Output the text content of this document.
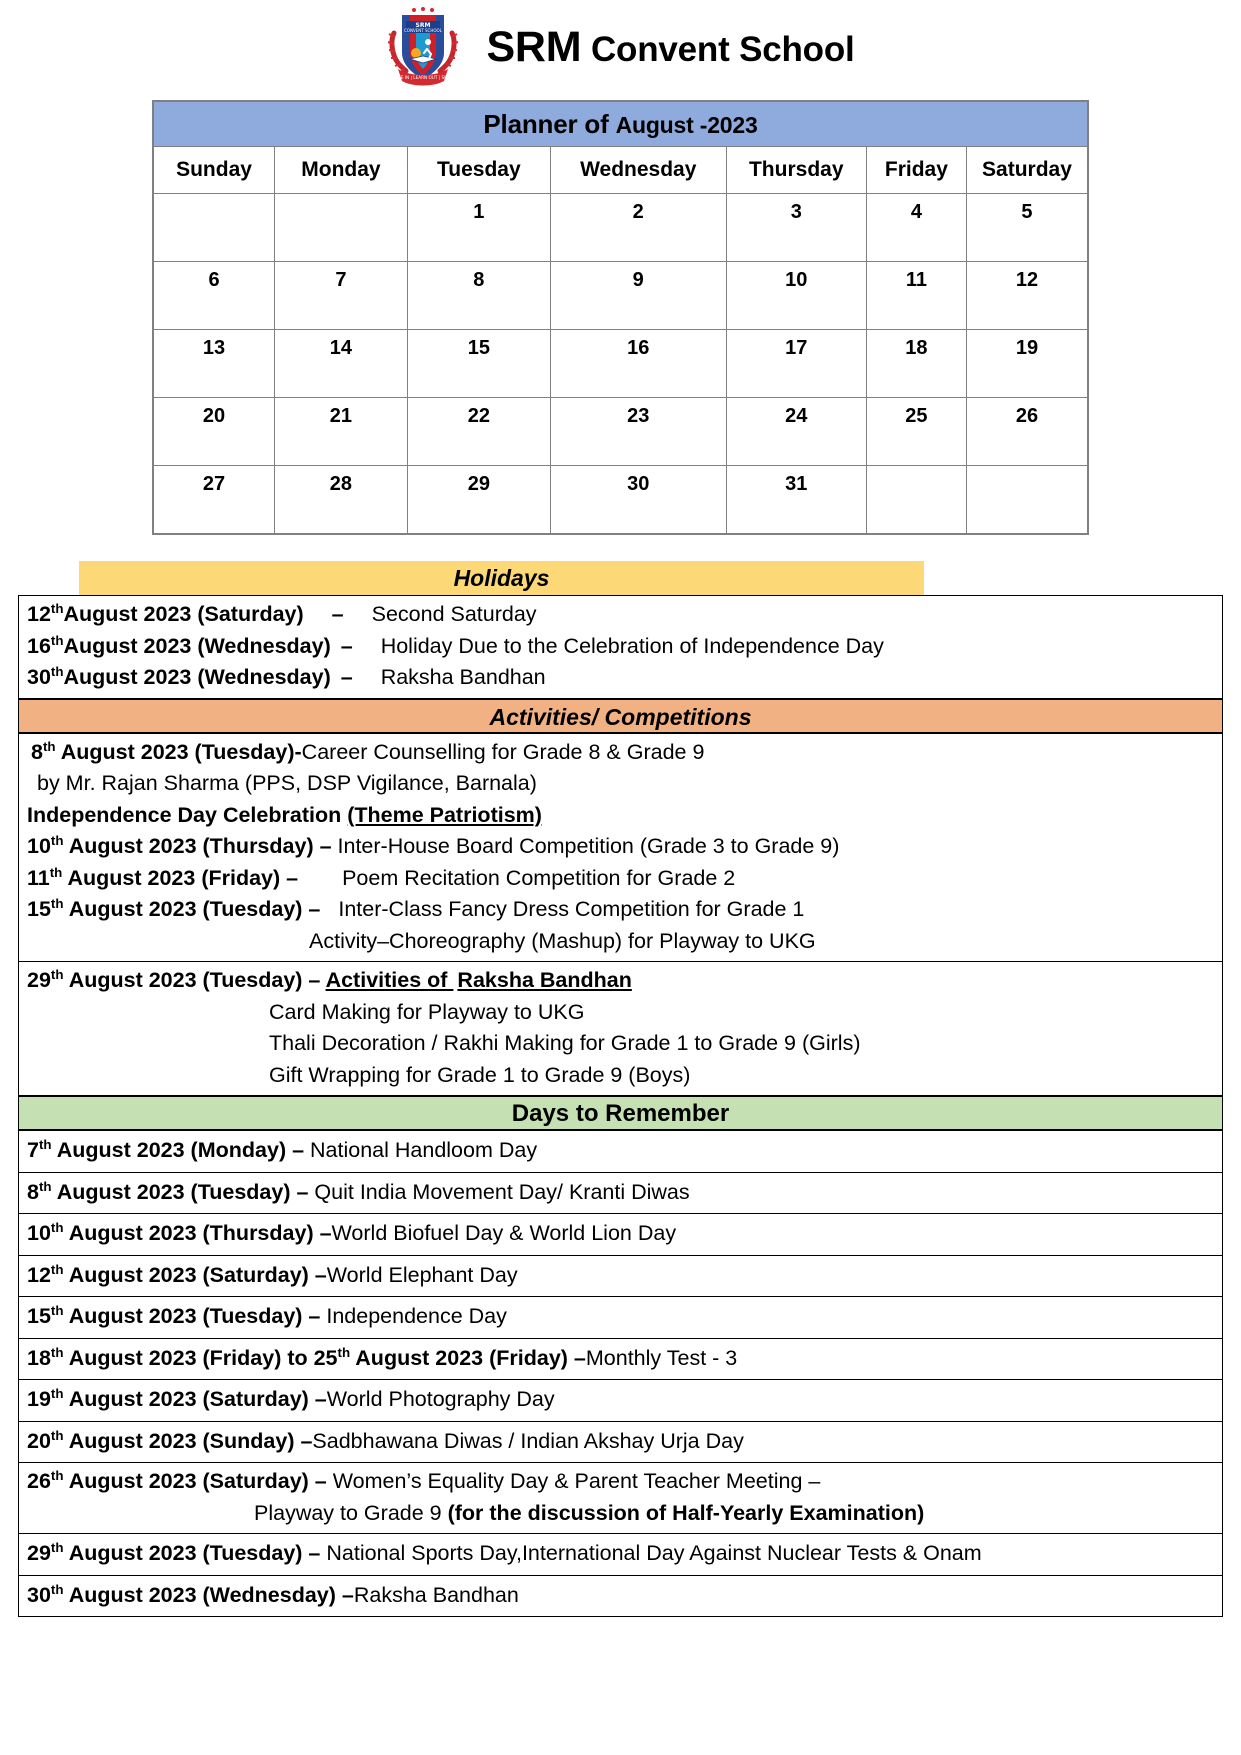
SRM
CONVENT SCHOOL
COME IN | LEARN OUT | SERVE
SRM Convent School
Planner of August -2023						
Sunday	Monday	Tuesday	Wednesday	Thursday	Friday	Saturday
		1	2	3	4	5
6	7	8	9	10	11	12
13	14	15	16	17	18	19
20	21	22	23	24	25	26
27	28	29	30	31		
Holidays
12thAugust 2023 (Saturday) – Second Saturday
16thAugust 2023 (Wednesday) – Holiday Due to the Celebration of Independence Day
30thAugust 2023 (Wednesday) – Raksha Bandhan
Activities/ Competitions
8th August 2023 (Tuesday)-Career Counselling for Grade 8 & Grade 9
by Mr. Rajan Sharma (PPS, DSP Vigilance, Barnala)
Independence Day Celebration (Theme Patriotism)
10th August 2023 (Thursday) – Inter-House Board Competition (Grade 3 to Grade 9)
11th August 2023 (Friday) – Poem Recitation Competition for Grade 2
15th August 2023 (Tuesday) – Inter-Class Fancy Dress Competition for Grade 1
Activity–Choreography (Mashup) for Playway to UKG
29th August 2023 (Tuesday) – Activities of Raksha Bandhan
Card Making for Playway to UKG
Thali Decoration / Rakhi Making for Grade 1 to Grade 9 (Girls)
Gift Wrapping for Grade 1 to Grade 9 (Boys)
Days to Remember
7th August 2023 (Monday) – National Handloom Day
8th August 2023 (Tuesday) – Quit India Movement Day/ Kranti Diwas
10th August 2023 (Thursday) –World Biofuel Day & World Lion Day
12th August 2023 (Saturday) –World Elephant Day
15th August 2023 (Tuesday) – Independence Day
18th August 2023 (Friday) to 25th August 2023 (Friday) –Monthly Test - 3
19th August 2023 (Saturday) –World Photography Day
20th August 2023 (Sunday) –Sadbhawana Diwas / Indian Akshay Urja Day
26th August 2023 (Saturday) – Women’s Equality Day & Parent Teacher Meeting –
Playway to Grade 9 (for the discussion of Half-Yearly Examination)
29th August 2023 (Tuesday) – National Sports Day,International Day Against Nuclear Tests & Onam
30th August 2023 (Wednesday) –Raksha Bandhan
